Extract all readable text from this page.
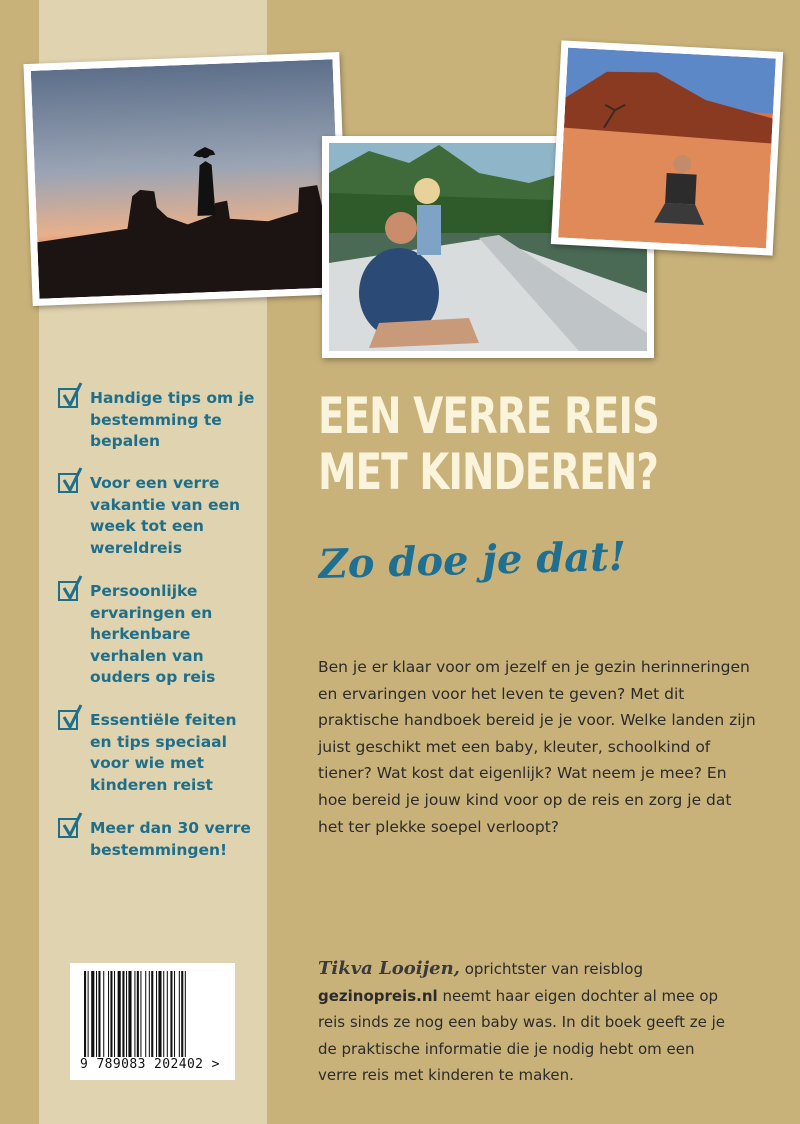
Handige tips om je bestemming te bepalen
Voor een verre vakantie van een week tot een wereldreis
Persoonlijke ervaringen en herkenbare verhalen van ouders op reis
Essentiële feiten en tips speciaal voor wie met kinderen reist
Meer dan 30 verre bestemmingen!
EEN VERRE REIS
MET KINDEREN?
Zo doe je dat!

Ben je er klaar voor om jezelf en je gezin herinneringen en ervaringen voor het leven te geven? Met dit praktische handboek bereid je je voor. Welke landen zijn juist geschikt met een baby, kleuter, schoolkind of tiener? Wat kost dat eigenlijk? Wat neem je mee? En hoe bereid je jouw kind voor op de reis en zorg je dat het ter plekke soepel verloopt?

Tikva Looijen, oprichtster van reisblog
gezinopreis.nl neemt haar eigen dochter al mee op reis sinds ze nog een baby was. In dit boek geeft ze je de praktische informatie die je nodig hebt om een verre reis met kinderen te maken.

9 789083 202402 >
